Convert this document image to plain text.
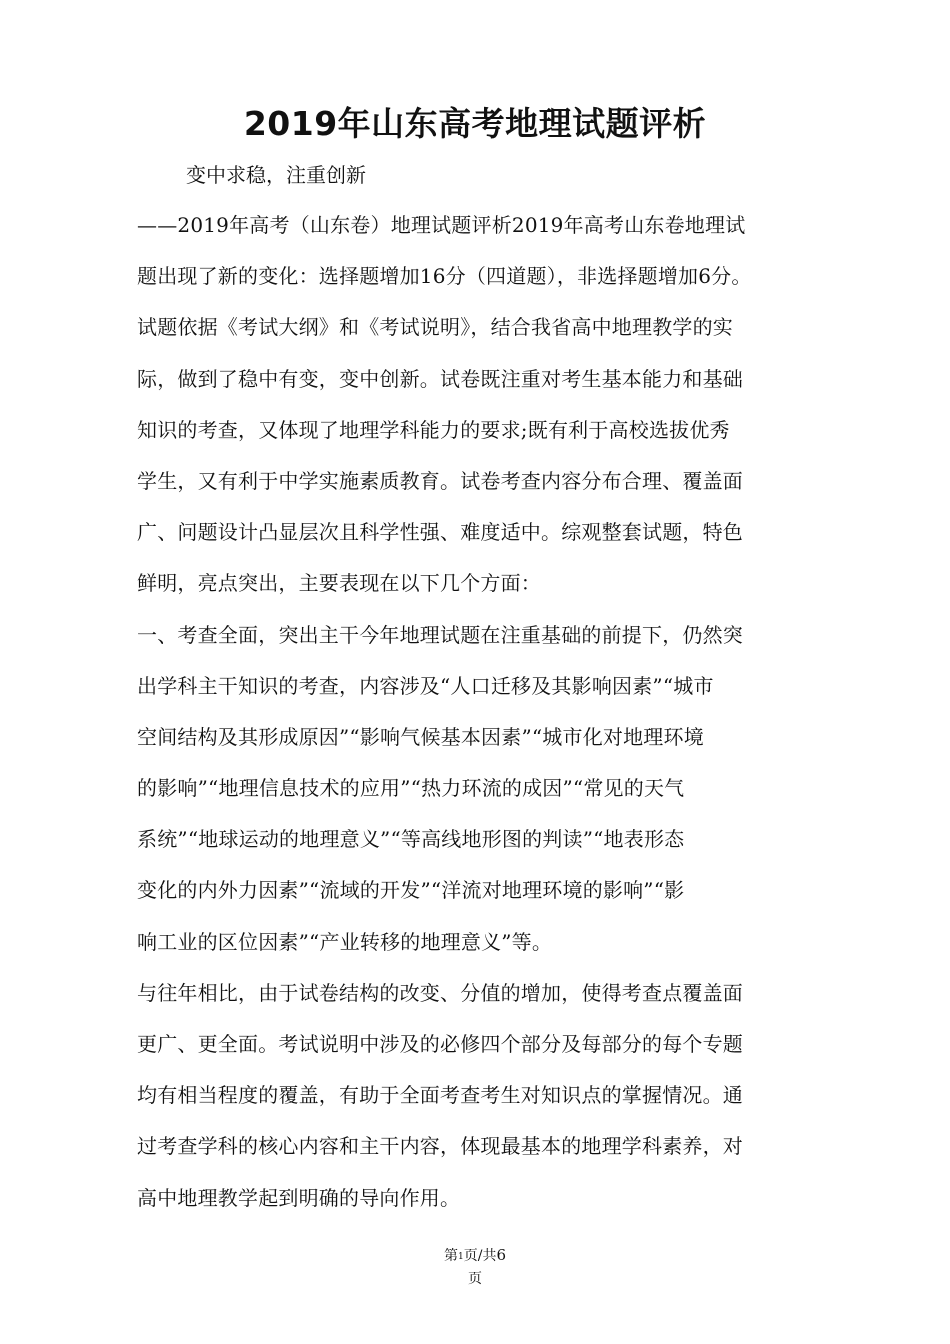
2019年山东高考地理试题评析

变中求稳，注重创新

——2019年高考（山东卷）地理试题评析2019年高考山东卷地理试
题出现了新的变化：选择题增加16分（四道题），非选择题增加6分。
试题依据《考试大纲》和《考试说明》，结合我省高中地理教学的实
际，做到了稳中有变，变中创新。试卷既注重对考生基本能力和基础
知识的考查，又体现了地理学科能力的要求;既有利于高校选拔优秀
学生，又有利于中学实施素质教育。试卷考查内容分布合理、覆盖面
广、问题设计凸显层次且科学性强、难度适中。综观整套试题，特色
鲜明，亮点突出，主要表现在以下几个方面：
一、考查全面，突出主干今年地理试题在注重基础的前提下，仍然突
出学科主干知识的考查，内容涉及“人口迁移及其影响因素”“城市
空间结构及其形成原因”“影响气候基本因素”“城市化对地理环境
的影响”“地理信息技术的应用”“热力环流的成因”“常见的天气
系统”“地球运动的地理意义”“等高线地形图的判读”“地表形态
变化的内外力因素”“流域的开发”“洋流对地理环境的影响”“影
响工业的区位因素”“产业转移的地理意义”等。
与往年相比，由于试卷结构的改变、分值的增加，使得考查点覆盖面
更广、更全面。考试说明中涉及的必修四个部分及每部分的每个专题
均有相当程度的覆盖，有助于全面考查考生对知识点的掌握情况。通
过考查学科的核心内容和主干内容，体现最基本的地理学科素养，对
高中地理教学起到明确的导向作用。
第1页/共6
页
